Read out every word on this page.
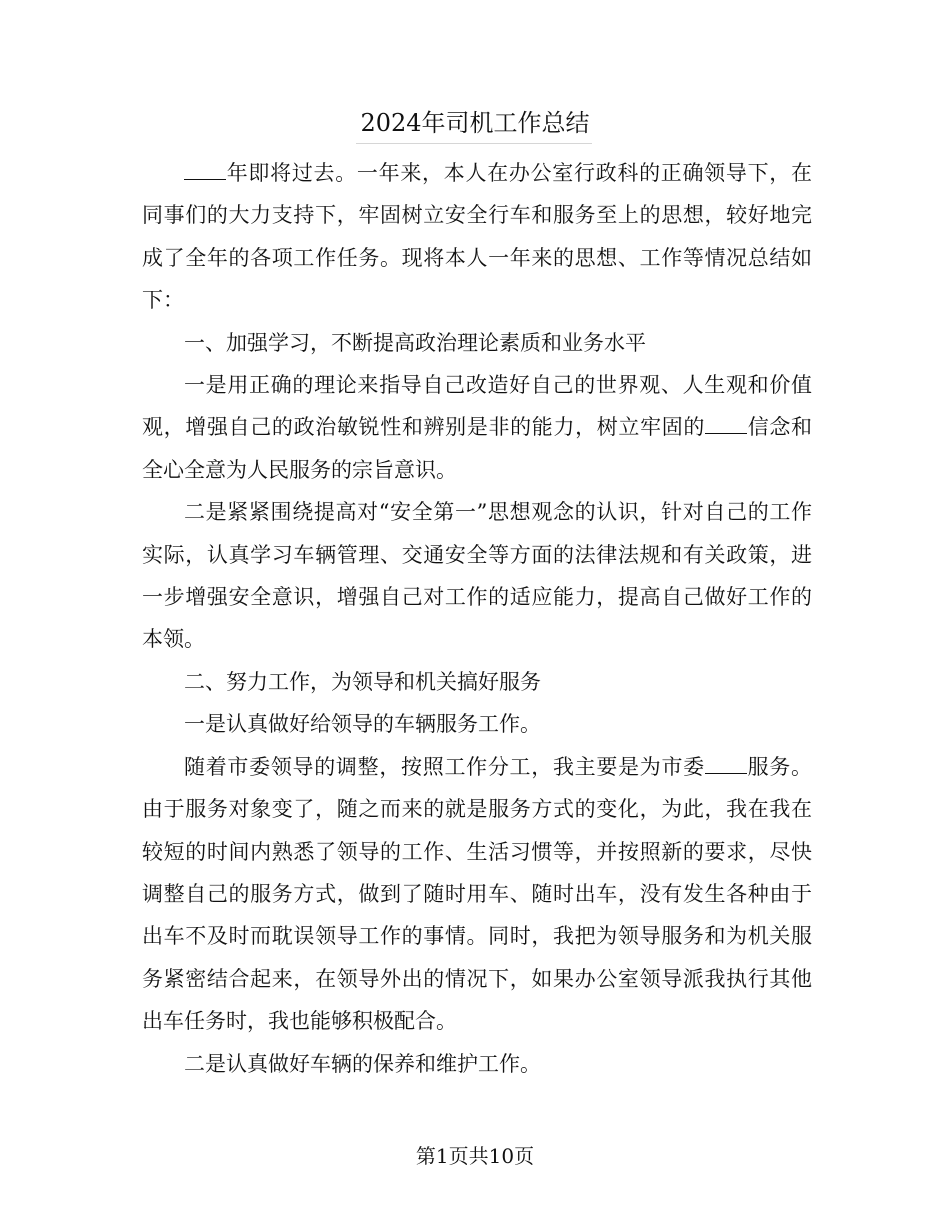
2024年司机工作总结

年即将过去。一年来，本人在办公室行政科的正确领导下，在同事们的大力支持下，牢固树立安全行车和服务至上的思想，较好地完成了全年的各项工作任务。现将本人一年来的思想、工作等情况总结如下：

一、加强学习，不断提高政治理论素质和业务水平

一是用正确的理论来指导自己改造好自己的世界观、人生观和价值观，增强自己的政治敏锐性和辨别是非的能力，树立牢固的 信念和全心全意为人民服务的宗旨意识。

二是紧紧围绕提高对“安全第一”思想观念的认识，针对自己的工作实际，认真学习车辆管理、交通安全等方面的法律法规和有关政策，进一步增强安全意识，增强自己对工作的适应能力，提高自己做好工作的本领。

二、努力工作，为领导和机关搞好服务

一是认真做好给领导的车辆服务工作。

随着市委领导的调整，按照工作分工，我主要是为市委 服务。由于服务对象变了，随之而来的就是服务方式的变化，为此，我在我在较短的时间内熟悉了领导的工作、生活习惯等，并按照新的要求，尽快调整自己的服务方式，做到了随时用车、随时出车，没有发生各种由于出车不及时而耽误领导工作的事情。同时，我把为领导服务和为机关服务紧密结合起来，在领导外出的情况下，如果办公室领导派我执行其他出车任务时，我也能够积极配合。

二是认真做好车辆的保养和维护工作。

第1页共10页
